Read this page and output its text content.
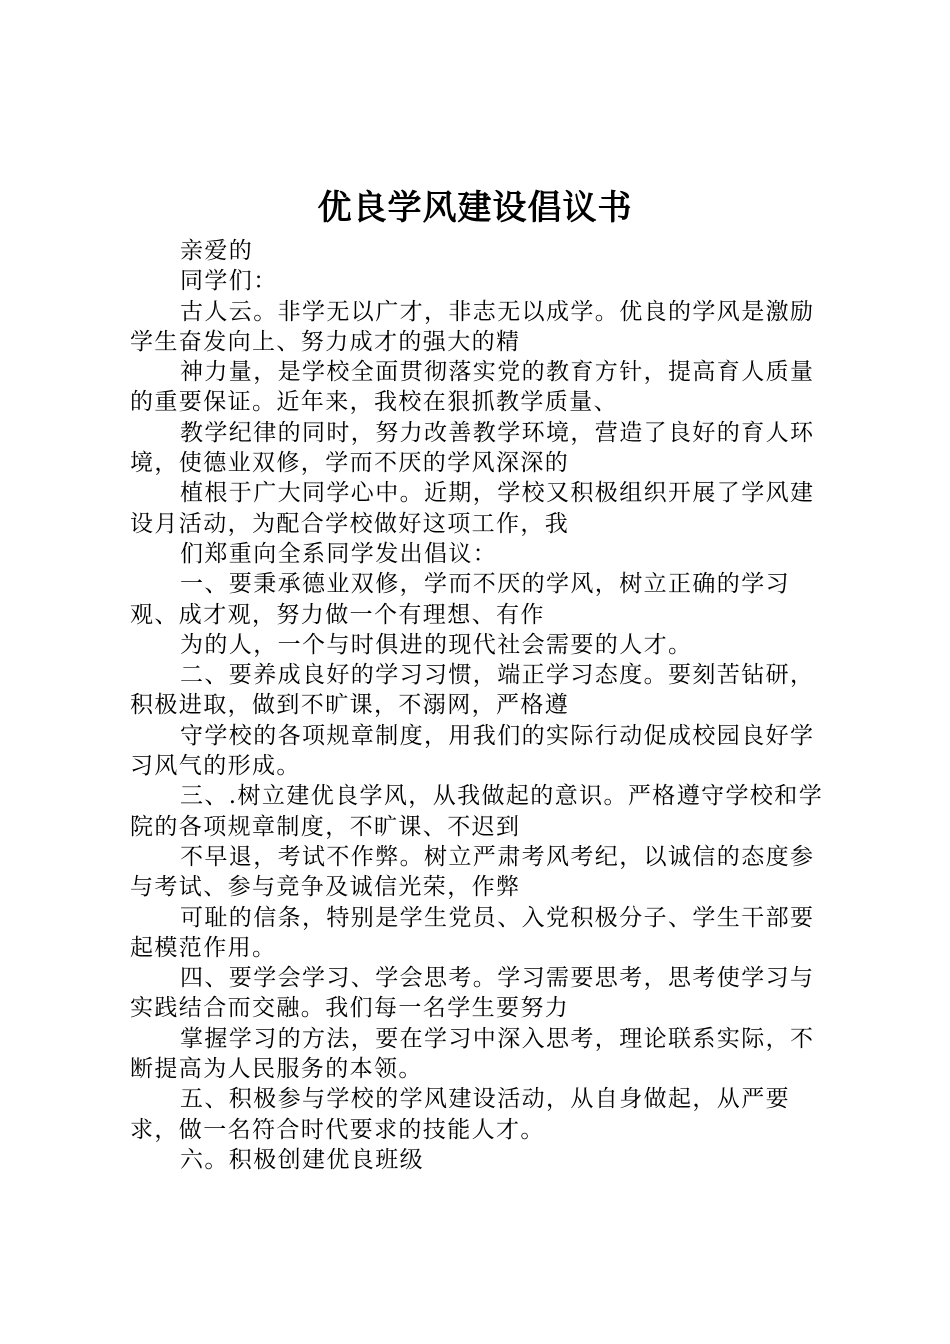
优良学风建设倡议书

亲爱的

同学们：

古人云。非学无以广才，非志无以成学。优良的学风是激励学生奋发向上、努力成才的强大的精

神力量，是学校全面贯彻落实党的教育方针，提高育人质量的重要保证。近年来，我校在狠抓教学质量、

教学纪律的同时，努力改善教学环境，营造了良好的育人环境，使德业双修，学而不厌的学风深深的

植根于广大同学心中。近期，学校又积极组织开展了学风建设月活动，为配合学校做好这项工作，我

们郑重向全系同学发出倡议：

一、要秉承德业双修，学而不厌的学风，树立正确的学习观、成才观，努力做一个有理想、有作

为的人，一个与时俱进的现代社会需要的人才。

二、要养成良好的学习习惯，端正学习态度。要刻苦钻研，积极进取，做到不旷课，不溺网，严格遵

守学校的各项规章制度，用我们的实际行动促成校园良好学习风气的形成。

三、.树立建优良学风，从我做起的意识。严格遵守学校和学院的各项规章制度，不旷课、不迟到

不早退，考试不作弊。树立严肃考风考纪，以诚信的态度参与考试、参与竞争及诚信光荣，作弊

可耻的信条，特别是学生党员、入党积极分子、学生干部要起模范作用。

四、要学会学习、学会思考。学习需要思考，思考使学习与实践结合而交融。我们每一名学生要努力

掌握学习的方法，要在学习中深入思考，理论联系实际，不断提高为人民服务的本领。

五、积极参与学校的学风建设活动，从自身做起，从严要求，做一名符合时代要求的技能人才。

六。积极创建优良班级
